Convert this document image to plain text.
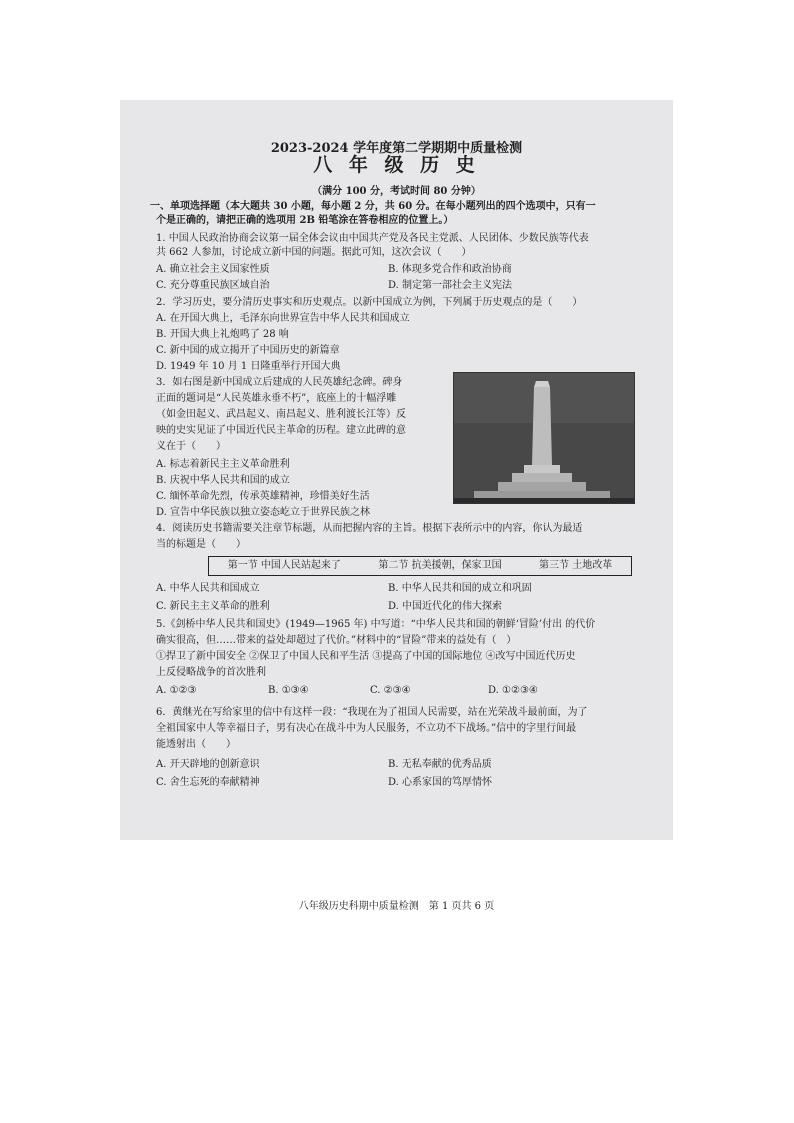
2023-2024 学年度第二学期期中质量检测
八 年 级 历 史
（满分 100 分，考试时间 80 分钟）
一、单项选择题（本大题共 30 小题，每小题 2 分，共 60 分。在每小题列出的四个选项中，只有一
个是正确的，请把正确的选项用 2B 铅笔涂在答卷相应的位置上。）
1. 中国人民政治协商会议第一届全体会议由中国共产党及各民主党派、人民团体、少数民族等代表
共 662 人参加，讨论成立新中国的问题。据此可知，这次会议（　　）
A. 确立社会主义国家性质	B. 体现多党合作和政治协商
C. 充分尊重民族区域自治	D. 制定第一部社会主义宪法
2．学习历史，要分清历史事实和历史观点。以新中国成立为例，下列属于历史观点的是（　　）
A. 在开国大典上，毛泽东向世界宣告中华人民共和国成立
B. 开国大典上礼炮鸣了 28 响
C. 新中国的成立揭开了中国历史的新篇章
D. 1949 年 10 月 1 日隆重举行开国大典
3．如右图是新中国成立后建成的人民英雄纪念碑。碑身
正面的题词是“人民英雄永垂不朽”，底座上的十幅浮雕
（如金田起义、武昌起义、南昌起义、胜利渡长江等）反
映的史实见证了中国近代民主革命的历程。建立此碑的意
义在于（　　）
A. 标志着新民主主义革命胜利
B. 庆祝中华人民共和国的成立
C. 缅怀革命先烈，传承英雄精神，珍惜美好生活
D. 宣告中华民族以独立姿态屹立于世界民族之林
4．阅读历史书籍需要关注章节标题，从而把握内容的主旨。根据下表所示中的内容，你认为最适
当的标题是（　　）
第一节 中国人民站起来了	第二节 抗美援朝，保家卫国	第三节 土地改革
A. 中华人民共和国成立	B. 中华人民共和国的成立和巩固
C. 新民主主义革命的胜利	D. 中国近代化的伟大探索
5.《剑桥中华人民共和国史》(1949—1965 年) 中写道：“中华人民共和国的朝鲜‘冒险’付出 的代价
确实很高，但……带来的益处却超过了代价。”材料中的“冒险”带来的益处有（　）
①捍卫了新中国安全 ②保卫了中国人民和平生活 ③提高了中国的国际地位 ④改写中国近代历史
上反侵略战争的首次胜利
A. ①②③	B. ①③④	C. ②③④	D. ①②③④
6．黄继光在写给家里的信中有这样一段：“我现在为了祖国人民需要，站在光荣战斗最前面，为了
全祖国家中人等幸福日子，男有决心在战斗中为人民服务，不立功不下战场。”信中的字里行间最
能透射出（　　）
A. 开天辟地的创新意识	B. 无私奉献的优秀品质
C. 舍生忘死的奉献精神	D. 心系家国的笃厚情怀
八年级历史科期中质量检测　第 1 页共 6 页
